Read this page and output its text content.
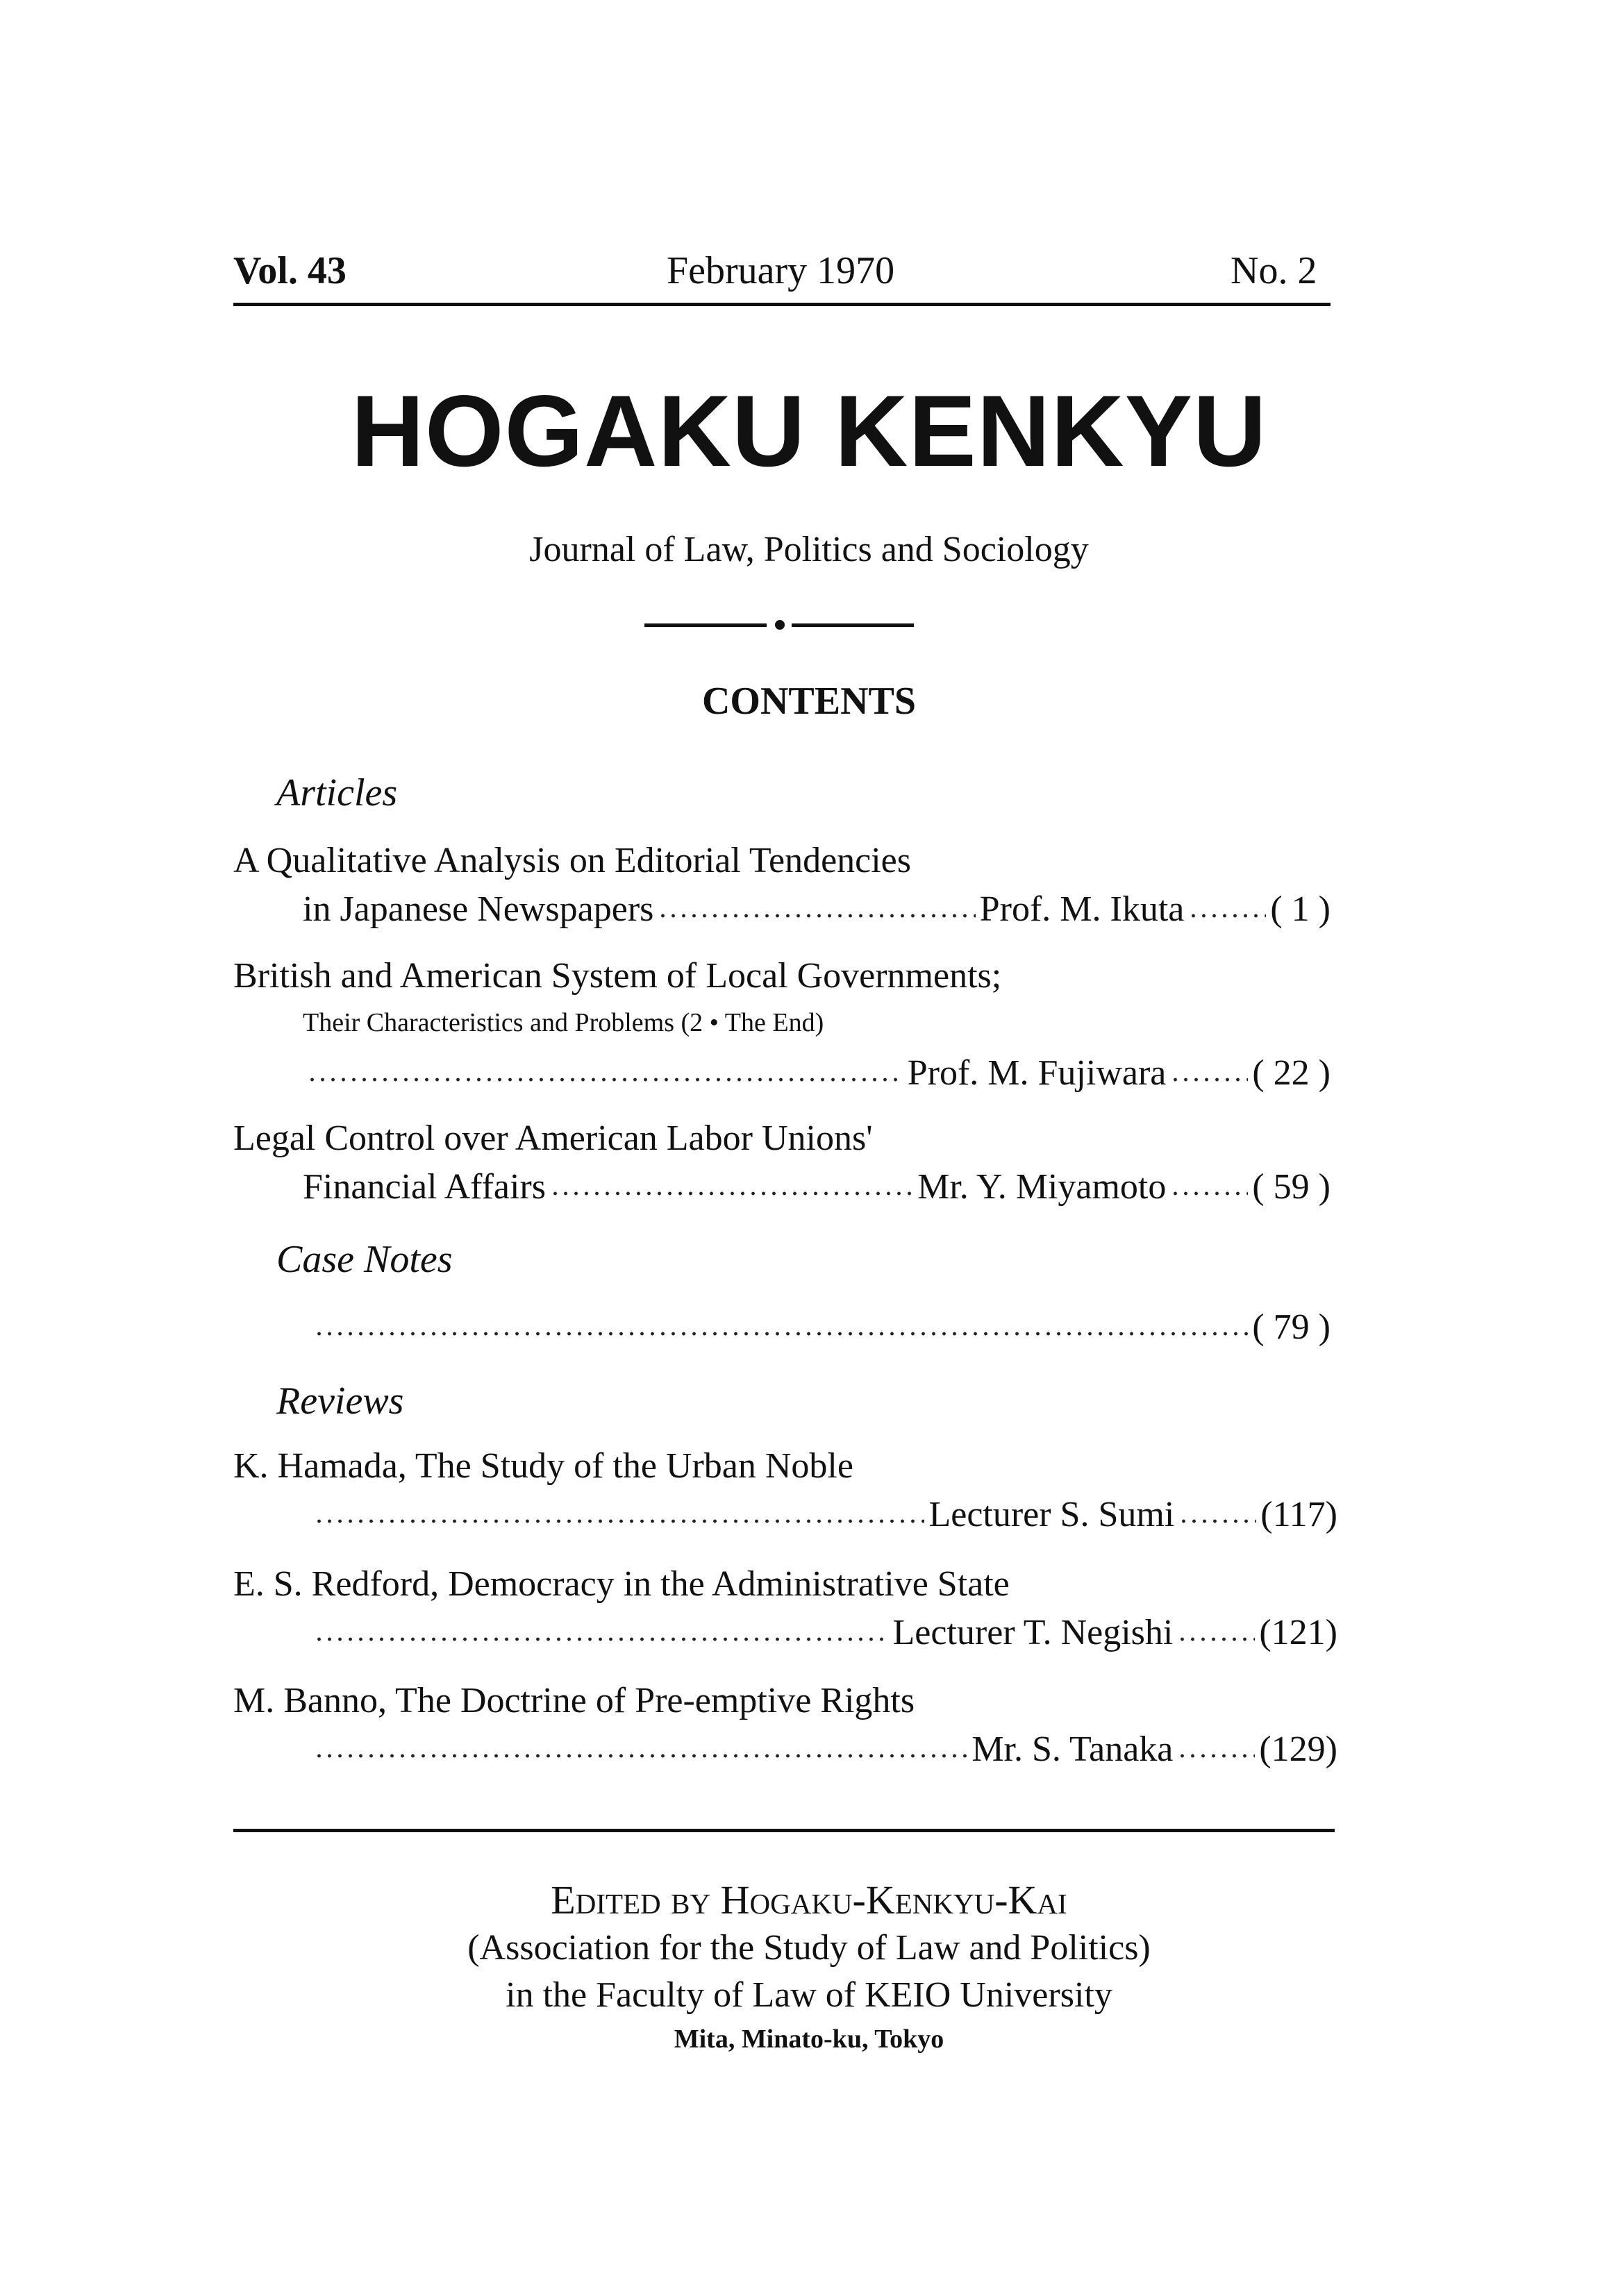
Vol. 43	February 1970	No. 2
HOGAKU KENKYU
Journal of Law, Politics and Sociology
CONTENTS
Articles
A Qualitative Analysis on Editorial Tendencies
in Japanese Newspapers	Prof. M. Ikuta ( 1 )
British and American System of Local Governments;
Their Characteristics and Problems (2 • The End)
Prof. M. Fujiwara ( 22 )
Legal Control over American Labor Unions'
Financial Affairs	Mr. Y. Miyamoto ( 59 )
Case Notes
( 79 )
Reviews
K. Hamada, The Study of the Urban Noble
Lecturer S. Sumi (117)
E. S. Redford, Democracy in the Administrative State
Lecturer T. Negishi (121)
M. Banno, The Doctrine of Pre-emptive Rights
Mr. S. Tanaka (129)
Edited by Hogaku-Kenkyu-Kai
(Association for the Study of Law and Politics)
in the Faculty of Law of KEIO University
Mita, Minato-ku, Tokyo
